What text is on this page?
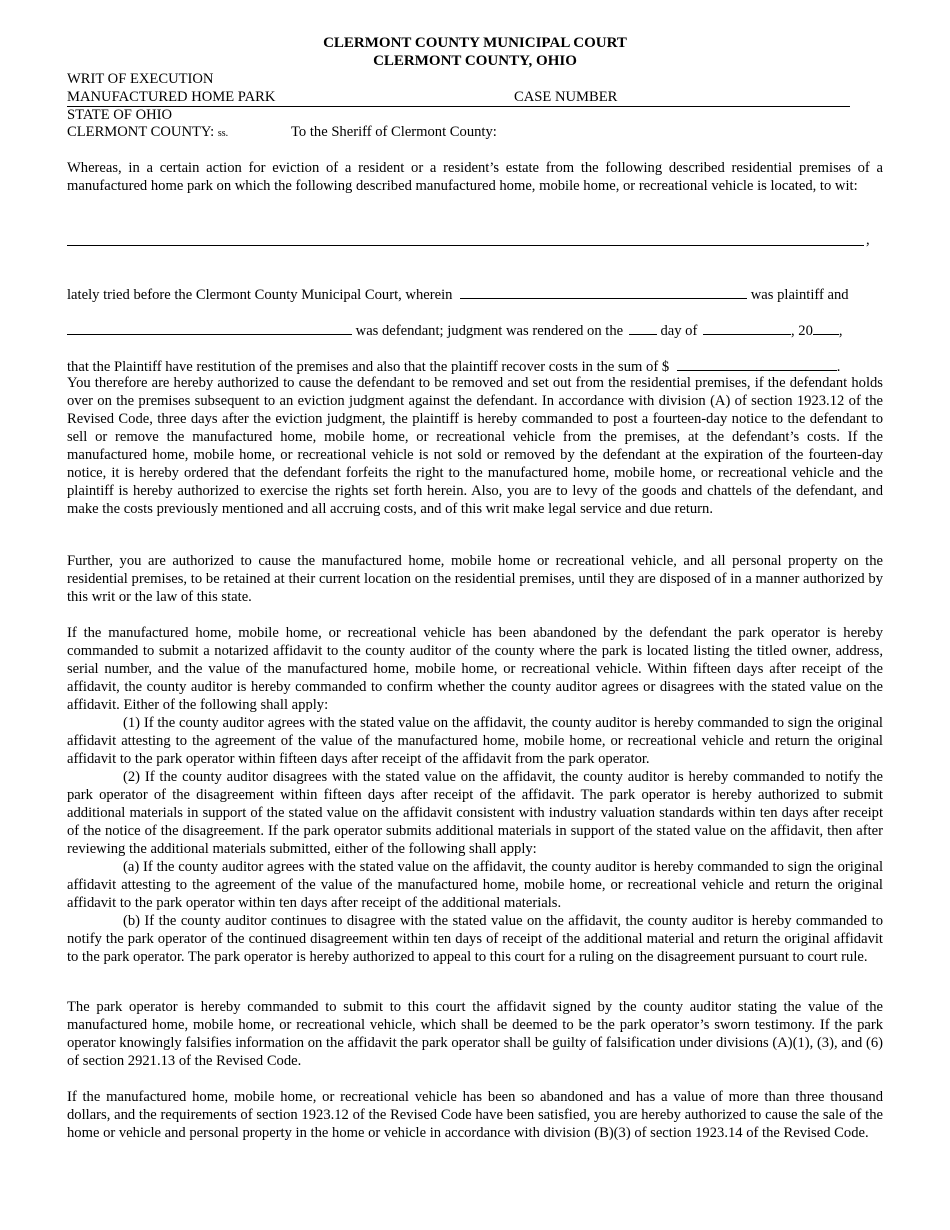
CLERMONT COUNTY MUNICIPAL COURT
CLERMONT COUNTY, OHIO
WRIT OF EXECUTION
MANUFACTURED HOME PARK	CASE NUMBER
STATE OF OHIO
CLERMONT COUNTY: ss.	To the Sheriff of Clermont County:
Whereas, in a certain action for eviction of a resident or a resident’s estate from the following described residential premises of a manufactured home park on which the following described manufactured home, mobile home, or recreational vehicle is located, to wit:
,
lately tried before the Clermont County Municipal Court, wherein	was plaintiff and
was defendant; judgment was rendered on the	day of	, 20 ,
that the Plaintiff have restitution of the premises and also that the plaintiff recover costs in the sum of $	.
You therefore are hereby authorized to cause the defendant to be removed and set out from the residential premises, if the defendant holds over on the premises subsequent to an eviction judgment against the defendant. In accordance with division (A) of section 1923.12 of the Revised Code, three days after the eviction judgment, the plaintiff is hereby commanded to post a fourteen-day notice to the defendant to sell or remove the manufactured home, mobile home, or recreational vehicle from the premises, at the defendant’s costs. If the manufactured home, mobile home, or recreational vehicle is not sold or removed by the defendant at the expiration of the fourteen-day notice, it is hereby ordered that the defendant forfeits the right to the manufactured home, mobile home, or recreational vehicle and the plaintiff is hereby authorized to exercise the rights set forth herein. Also, you are to levy of the goods and chattels of the defendant, and make the costs previously mentioned and all accruing costs, and of this writ make legal service and due return.
Further, you are authorized to cause the manufactured home, mobile home or recreational vehicle, and all personal property on the residential premises, to be retained at their current location on the residential premises, until they are disposed of in a manner authorized by this writ or the law of this state.
If the manufactured home, mobile home, or recreational vehicle has been abandoned by the defendant the park operator is hereby commanded to submit a notarized affidavit to the county auditor of the county where the park is located listing the titled owner, address, serial number, and the value of the manufactured home, mobile home, or recreational vehicle. Within fifteen days after receipt of the affidavit, the county auditor is hereby commanded to confirm whether the county auditor agrees or disagrees with the stated value on the affidavit. Either of the following shall apply:
(1) If the county auditor agrees with the stated value on the affidavit, the county auditor is hereby commanded to sign the original affidavit attesting to the agreement of the value of the manufactured home, mobile home, or recreational vehicle and return the original affidavit to the park operator within fifteen days after receipt of the affidavit from the park operator.
(2) If the county auditor disagrees with the stated value on the affidavit, the county auditor is hereby commanded to notify the park operator of the disagreement within fifteen days after receipt of the affidavit. The park operator is hereby authorized to submit additional materials in support of the stated value on the affidavit consistent with industry valuation standards within ten days after receipt of the notice of the disagreement. If the park operator submits additional materials in support of the stated value on the affidavit, then after reviewing the additional materials submitted, either of the following shall apply:
(a) If the county auditor agrees with the stated value on the affidavit, the county auditor is hereby commanded to sign the original affidavit attesting to the agreement of the value of the manufactured home, mobile home, or recreational vehicle and return the original affidavit to the park operator within ten days after receipt of the additional materials.
(b) If the county auditor continues to disagree with the stated value on the affidavit, the county auditor is hereby commanded to notify the park operator of the continued disagreement within ten days of receipt of the additional material and return the original affidavit to the park operator. The park operator is hereby authorized to appeal to this court for a ruling on the disagreement pursuant to court rule.
The park operator is hereby commanded to submit to this court the affidavit signed by the county auditor stating the value of the manufactured home, mobile home, or recreational vehicle, which shall be deemed to be the park operator’s sworn testimony. If the park operator knowingly falsifies information on the affidavit the park operator shall be guilty of falsification under divisions (A)(1), (3), and (6) of section 2921.13 of the Revised Code.
If the manufactured home, mobile home, or recreational vehicle has been so abandoned and has a value of more than three thousand dollars, and the requirements of section 1923.12 of the Revised Code have been satisfied, you are hereby authorized to cause the sale of the home or vehicle and personal property in the home or vehicle in accordance with division (B)(3) of section 1923.14 of the Revised Code.
